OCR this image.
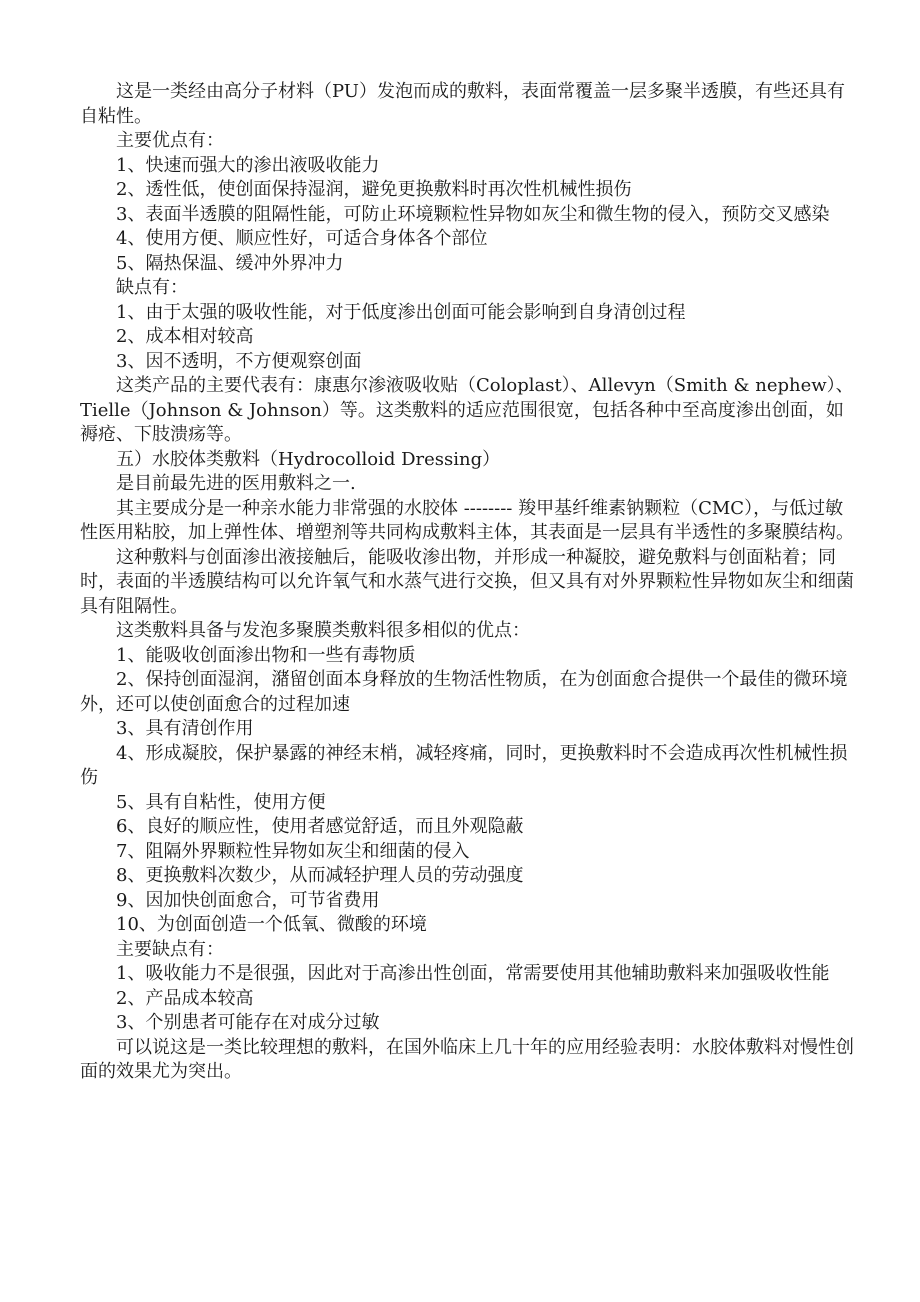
这是一类经由高分子材料（PU）发泡而成的敷料，表面常覆盖一层多聚半透膜，有些还具有自粘性。

主要优点有：

1、快速而强大的渗出液吸收能力

2、透性低，使创面保持湿润，避免更换敷料时再次性机械性损伤

3、表面半透膜的阻隔性能，可防止环境颗粒性异物如灰尘和微生物的侵入，预防交叉感染

4、使用方便、顺应性好，可适合身体各个部位

5、隔热保温、缓冲外界冲力

缺点有：

1、由于太强的吸收性能，对于低度渗出创面可能会影响到自身清创过程

2、成本相对较高

3、因不透明，不方便观察创面

这类产品的主要代表有：康惠尔渗液吸收贴（Coloplast）、Allevyn（Smith & nephew）、Tielle（Johnson & Johnson）等。这类敷料的适应范围很宽，包括各种中至高度渗出创面，如褥疮、下肢溃疡等。

五）水胶体类敷料（Hydrocolloid Dressing）

是目前最先进的医用敷料之一.

其主要成分是一种亲水能力非常强的水胶体 -------- 羧甲基纤维素钠颗粒（CMC），与低过敏性医用粘胶，加上弹性体、增塑剂等共同构成敷料主体，其表面是一层具有半透性的多聚膜结构。

这种敷料与创面渗出液接触后，能吸收渗出物，并形成一种凝胶，避免敷料与创面粘着；同时，表面的半透膜结构可以允许氧气和水蒸气进行交换，但又具有对外界颗粒性异物如灰尘和细菌具有阻隔性。

这类敷料具备与发泡多聚膜类敷料很多相似的优点：

1、能吸收创面渗出物和一些有毒物质

2、保持创面湿润，潴留创面本身释放的生物活性物质，在为创面愈合提供一个最佳的微环境外，还可以使创面愈合的过程加速

3、具有清创作用

4、形成凝胶，保护暴露的神经末梢，减轻疼痛，同时，更换敷料时不会造成再次性机械性损伤

5、具有自粘性，使用方便

6、良好的顺应性，使用者感觉舒适，而且外观隐蔽

7、阻隔外界颗粒性异物如灰尘和细菌的侵入

8、更换敷料次数少，从而减轻护理人员的劳动强度

9、因加快创面愈合，可节省费用

10、为创面创造一个低氧、微酸的环境

主要缺点有：

1、吸收能力不是很强，因此对于高渗出性创面，常需要使用其他辅助敷料来加强吸收性能

2、产品成本较高

3、个别患者可能存在对成分过敏

可以说这是一类比较理想的敷料，在国外临床上几十年的应用经验表明：水胶体敷料对慢性创面的效果尤为突出。
